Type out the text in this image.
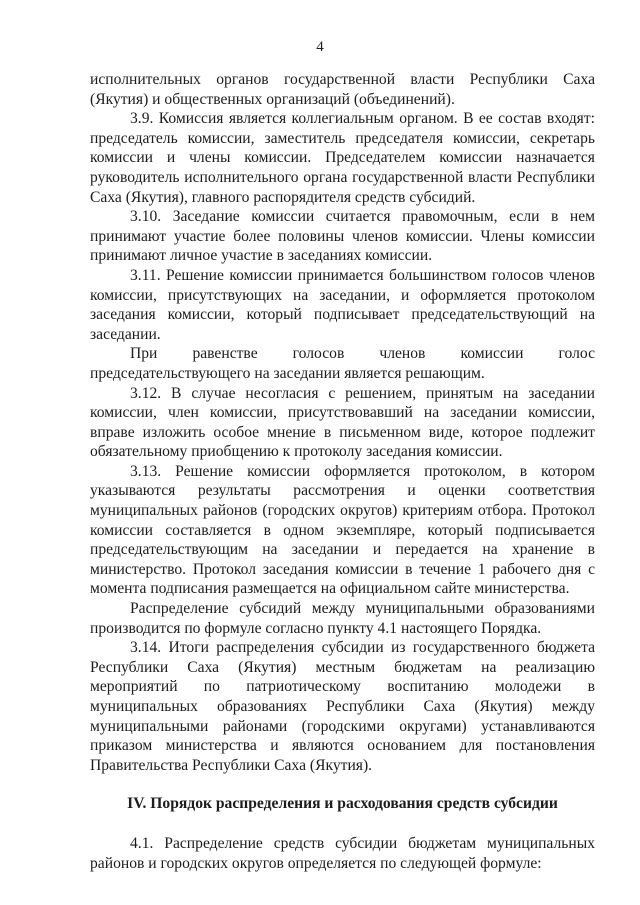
4

исполнительных органов государственной власти Республики Саха (Якутия) и общественных организаций (объединений).

3.9. Комиссия является коллегиальным органом. В ее состав входят: председатель комиссии, заместитель председателя комиссии, секретарь комиссии и члены комиссии. Председателем комиссии назначается руководитель исполнительного органа государственной власти Республики Саха (Якутия), главного распорядителя средств субсидий.

3.10. Заседание комиссии считается правомочным, если в нем принимают участие более половины членов комиссии. Члены комиссии принимают личное участие в заседаниях комиссии.

3.11. Решение комиссии принимается большинством голосов членов комиссии, присутствующих на заседании, и оформляется протоколом заседания комиссии, который подписывает председательствующий на заседании.

При равенстве голосов членов комиссии голос председательствующего на заседании является решающим.

3.12. В случае несогласия с решением, принятым на заседании комиссии, член комиссии, присутствовавший на заседании комиссии, вправе изложить особое мнение в письменном виде, которое подлежит обязательному приобщению к протоколу заседания комиссии.

3.13. Решение комиссии оформляется протоколом, в котором указываются результаты рассмотрения и оценки соответствия муниципальных районов (городских округов) критериям отбора. Протокол комиссии составляется в одном экземпляре, который подписывается председательствующим на заседании и передается на хранение в министерство. Протокол заседания комиссии в течение 1 рабочего дня с момента подписания размещается на официальном сайте министерства.

Распределение субсидий между муниципальными образованиями производится по формуле согласно пункту 4.1 настоящего Порядка.

3.14. Итоги распределения субсидии из государственного бюджета Республики Саха (Якутия) местным бюджетам на реализацию мероприятий по патриотическому воспитанию молодежи в муниципальных образованиях Республики Саха (Якутия) между муниципальными районами (городскими округами) устанавливаются приказом министерства и являются основанием для постановления Правительства Республики Саха (Якутия).

IV. Порядок распределения и расходования средств субсидии

4.1. Распределение средств субсидии бюджетам муниципальных районов и городских округов определяется по следующей формуле:
